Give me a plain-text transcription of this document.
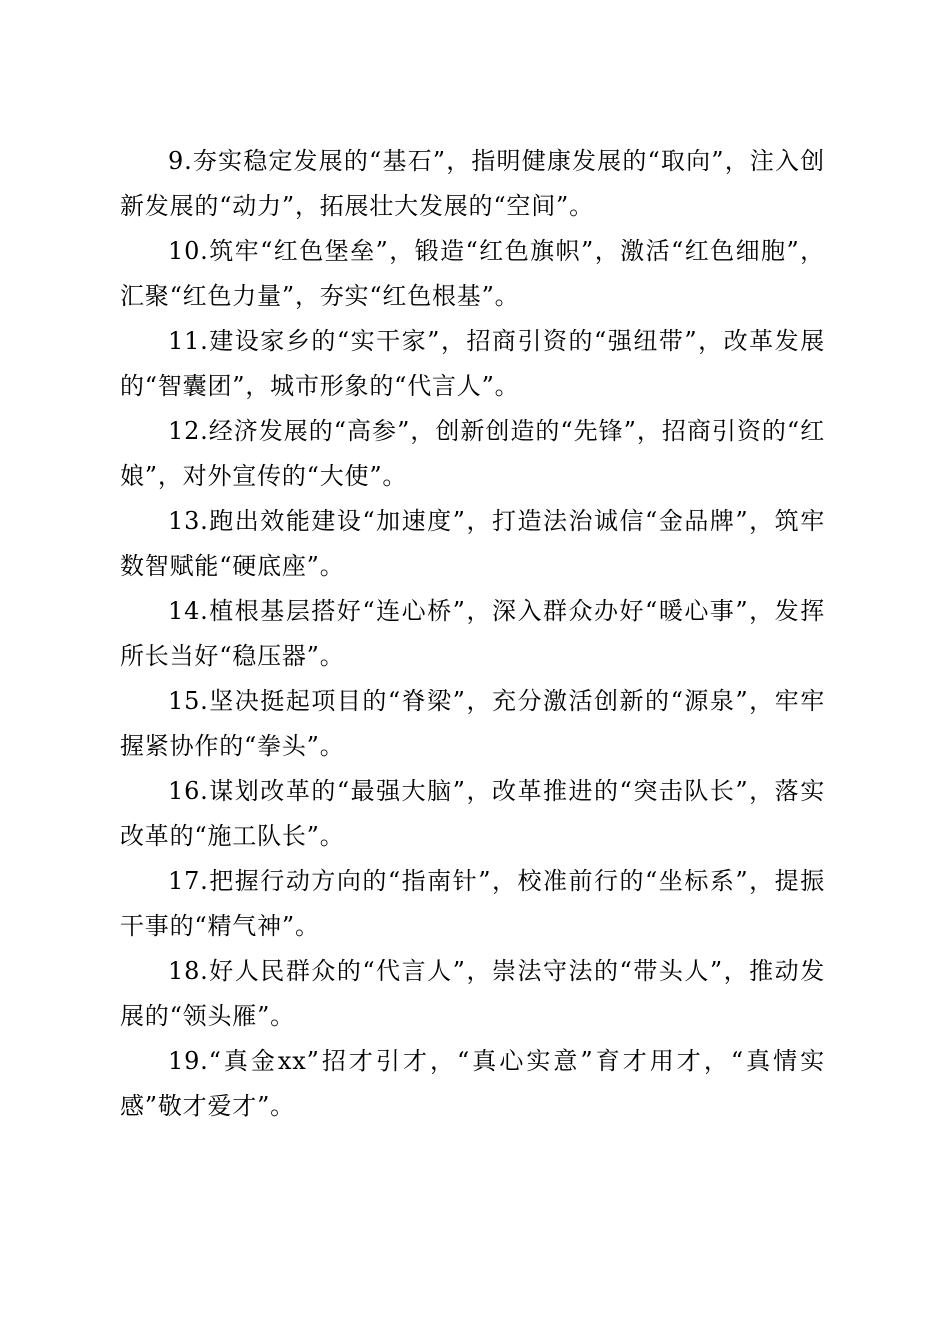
9.夯实稳定发展的“基石”，指明健康发展的“取向”，注入创新发展的“动力”，拓展壮大发展的“空间”。

10.筑牢“红色堡垒”，锻造“红色旗帜”，激活“红色细胞”，汇聚“红色力量”，夯实“红色根基”。

11.建设家乡的“实干家”，招商引资的“强纽带”，改革发展的“智囊团”，城市形象的“代言人”。

12.经济发展的“高参”，创新创造的“先锋”，招商引资的“红娘”，对外宣传的“大使”。

13.跑出效能建设“加速度”，打造法治诚信“金品牌”，筑牢数智赋能“硬底座”。

14.植根基层搭好“连心桥”，深入群众办好“暖心事”，发挥所长当好“稳压器”。

15.坚决挺起项目的“脊梁”，充分激活创新的“源泉”，牢牢握紧协作的“拳头”。

16.谋划改革的“最强大脑”，改革推进的“突击队长”，落实改革的“施工队长”。

17.把握行动方向的“指南针”，校准前行的“坐标系”，提振干事的“精气神”。

18.好人民群众的“代言人”，崇法守法的“带头人”，推动发展的“领头雁”。

19.“真金xx”招才引才，“真心实意”育才用才，“真情实感”敬才爱才”。
